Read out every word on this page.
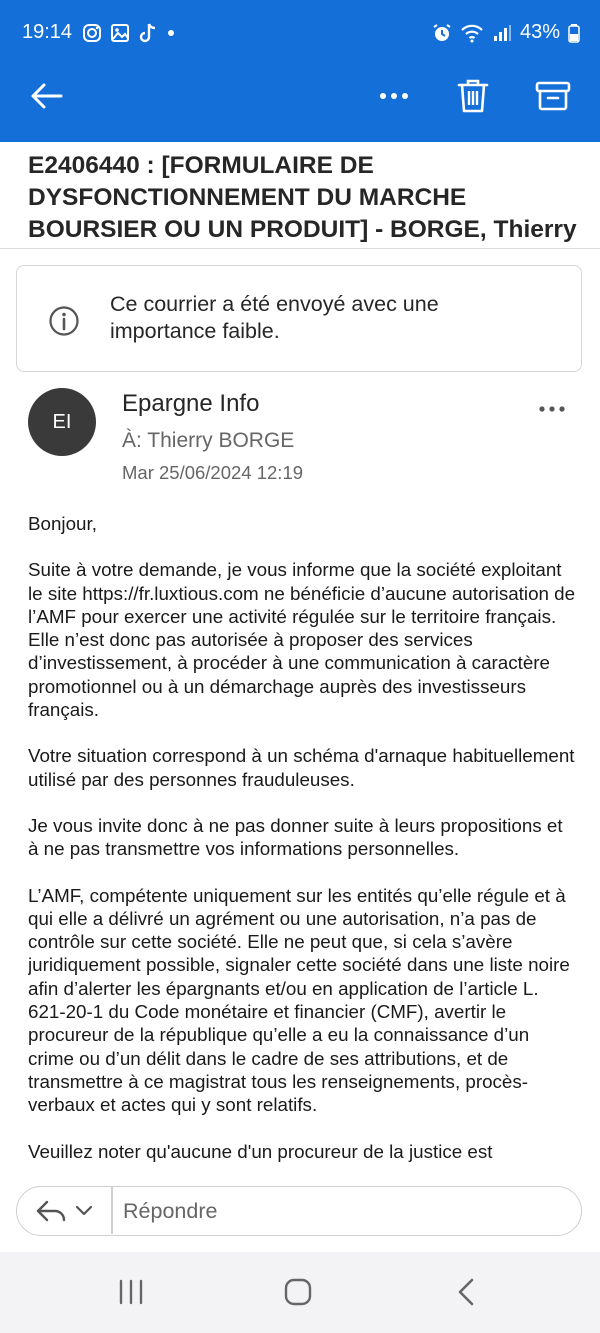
19:14	43%
E2406440 : [FORMULAIRE DE DYSFONCTIONNEMENT DU MARCHE BOURSIER OU UN PRODUIT] - BORGE, Thierry
Ce courrier a été envoyé avec une importance faible.
EI
Epargne Info
À: Thierry BORGE
Mar 25/06/2024 12:19

Bonjour,

Suite à votre demande, je vous informe que la société exploitant le site https://fr.luxtious.com ne bénéficie d’aucune autorisation de l’AMF pour exercer une activité régulée sur le territoire français. Elle n’est donc pas autorisée à proposer des services d’investissement, à procéder à une communication à caractère promotionnel ou à un démarchage auprès des investisseurs français.

Votre situation correspond à un schéma d'arnaque habituellement utilisé par des personnes frauduleuses.

Je vous invite donc à ne pas donner suite à leurs propositions et à ne pas transmettre vos informations personnelles.

L’AMF, compétente uniquement sur les entités qu’elle régule et à qui elle a délivré un agrément ou une autorisation, n’a pas de contrôle sur cette société. Elle ne peut que, si cela s’avère juridiquement possible, signaler cette société dans une liste noire afin d’alerter les épargnants et/ou en application de l’article L. 621-20-1 du Code monétaire et financier (CMF), avertir le procureur de la république qu’elle a eu la connaissance d’un crime ou d’un délit dans le cadre de ses attributions, et de transmettre à ce magistrat tous les renseignements, procès-verbaux et actes qui y sont relatifs.

Veuillez noter qu'aucune d'un procureur de la justice est

Répondre
